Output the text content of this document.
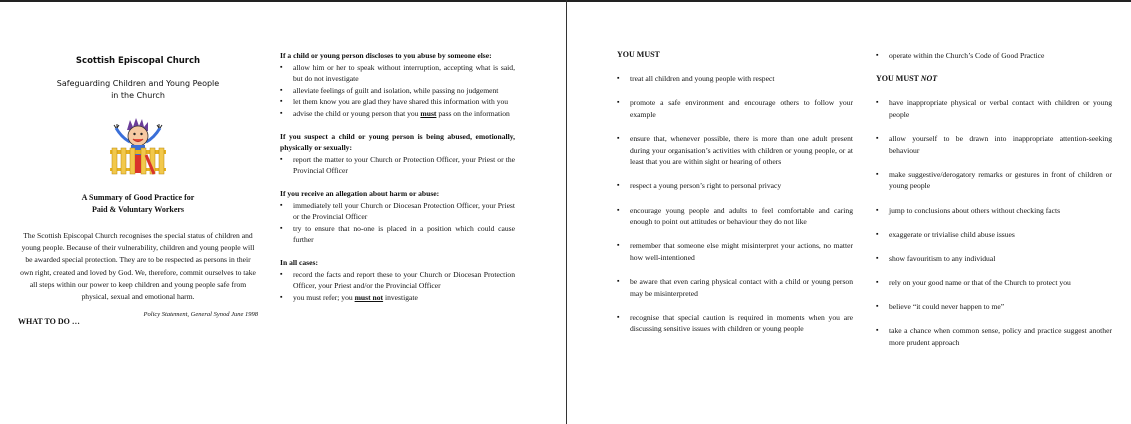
Scottish Episcopal Church
Safeguarding Children and Young People
in the Church
A Summary of Good Practice for
Paid & Voluntary Workers
The Scottish Episcopal Church recognises the special status of children and young people. Because of their vulnerability, children and young people will be awarded special protection. They are to be respected as persons in their own right, created and loved by God. We, therefore, commit ourselves to take all steps within our power to keep children and young people safe from physical, sexual and emotional harm.
Policy Statement, General Synod June 1998
WHAT TO DO …
If a child or young person discloses to you abuse by someone else:
▪ allow him or her to speak without interruption, accepting what is said, but do not investigate
▪ alleviate feelings of guilt and isolation, while passing no judgement
▪ let them know you are glad they have shared this information with you
▪ advise the child or young person that you must pass on the information
If you suspect a child or young person is being abused, emotionally, physically or sexually:
▪ report the matter to your Church or Protection Officer, your Priest or the Provincial Officer
If you receive an allegation about harm or abuse:
▪ immediately tell your Church or Diocesan Protection Officer, your Priest or the Provincial Officer
▪ try to ensure that no-one is placed in a position which could cause further
In all cases:
▪ record the facts and report these to your Church or Diocesan Protection Officer, your Priest and/or the Provincial Officer
▪ you must refer; you must not investigate
YOU MUST
▪ treat all children and young people with respect
▪ promote a safe environment and encourage others to follow your example
▪ ensure that, whenever possible, there is more than one adult present during your organisation’s activities with children or young people, or at least that you are within sight or hearing of others
▪ respect a young person’s right to personal privacy
▪ encourage young people and adults to feel comfortable and caring enough to point out attitudes or behaviour they do not like
▪ remember that someone else might misinterpret your actions, no matter how well-intentioned
▪ be aware that even caring physical contact with a child or young person may be misinterpreted
▪ recognise that special caution is required in moments when you are discussing sensitive issues with children or young people
▪ operate within the Church’s Code of Good Practice
YOU MUST NOT
▪ have inappropriate physical or verbal contact with children or young people
▪ allow yourself to be drawn into inappropriate attention-seeking behaviour
▪ make suggestive/derogatory remarks or gestures in front of children or young people
▪ jump to conclusions about others without checking facts
▪ exaggerate or trivialise child abuse issues
▪ show favouritism to any individual
▪ rely on your good name or that of the Church to protect you
▪ believe “it could never happen to me”
▪ take a chance when common sense, policy and practice suggest another more prudent approach
